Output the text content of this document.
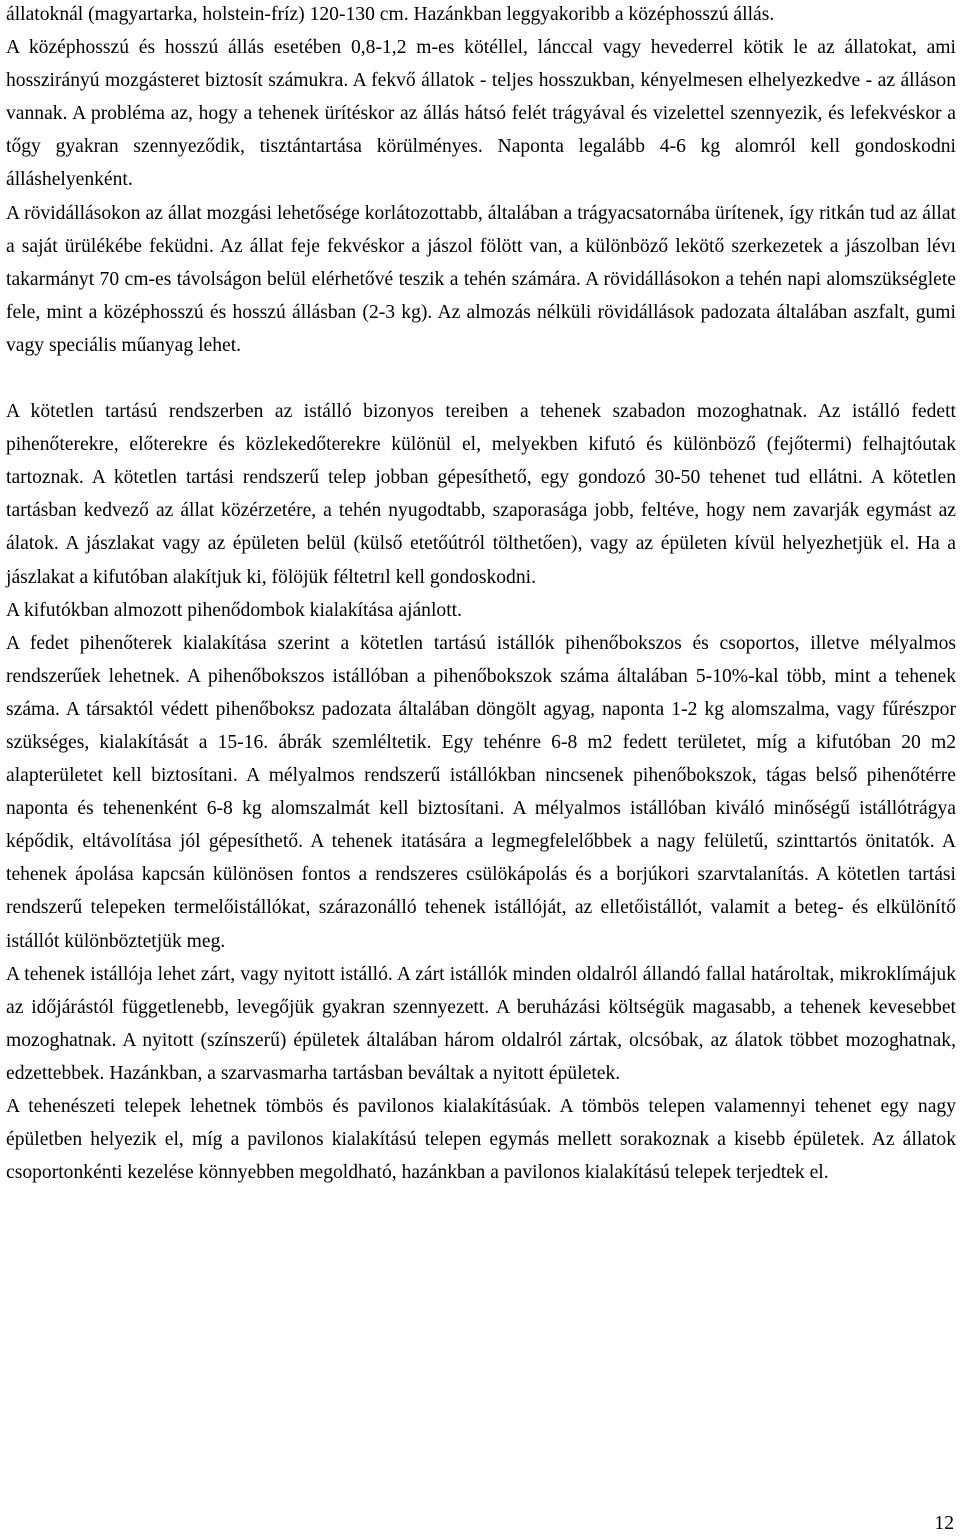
állatoknál (magyartarka, holstein-fríz) 120-130 cm. Hazánkban leggyakoribb a középhosszú állás.

A középhosszú és hosszú állás esetében 0,8-1,2 m-es kötéllel, lánccal vagy hevederrel kötik le az állatokat, ami hosszirányú mozgásteret biztosít számukra. A fekvő állatok - teljes hosszukban, kényelmesen elhelyezkedve - az álláson vannak. A probléma az, hogy a tehenek ürítéskor az állás hátsó felét trágyával és vizelettel szennyezik, és lefekvéskor a tőgy gyakran szennyeződik, tisztántartása körülményes. Naponta legalább 4-6 kg alomról kell gondoskodni álláshelyenként.

A rövidállásokon az állat mozgási lehetősége korlátozottabb, általában a trágyacsatornába ürítenek, így ritkán tud az állat a saját ürülékébe feküdni. Az állat feje fekvéskor a jászol fölött van, a különböző lekötő szerkezetek a jászolban lévı takarmányt 70 cm-es távolságon belül elérhetővé teszik a tehén számára. A rövidállásokon a tehén napi alomszükséglete fele, mint a középhosszú és hosszú állásban (2-3 kg). Az almozás nélküli rövidállások padozata általában aszfalt, gumi vagy speciális műanyag lehet.

A kötetlen tartású rendszerben az istálló bizonyos tereiben a tehenek szabadon mozoghatnak. Az istálló fedett pihenőterekre, előterekre és közlekedőterekre különül el, melyekben kifutó és különböző (fejőtermi) felhajtóutak tartoznak. A kötetlen tartási rendszerű telep jobban gépesíthető, egy gondozó 30-50 tehenet tud ellátni. A kötetlen tartásban kedvező az állat közérzetére, a tehén nyugodtabb, szaporasága jobb, feltéve, hogy nem zavarják egymást az álatok. A jászlakat vagy az épületen belül (külső etetőútról tölthetően), vagy az épületen kívül helyezhetjük el. Ha a jászlakat a kifutóban alakítjuk ki, fölöjük féltetrıl kell gondoskodni.

A kifutókban almozott pihenődombok kialakítása ajánlott.

A fedet pihenőterek kialakítása szerint a kötetlen tartású istállók pihenőbokszos és csoportos, illetve mélyalmos rendszerűek lehetnek. A pihenőbokszos istállóban a pihenőbokszok száma általában 5-10%-kal több, mint a tehenek száma. A társaktól védett pihenőboksz padozata általában döngölt agyag, naponta 1-2 kg alomszalma, vagy fűrészpor szükséges, kialakítását a 15-16. ábrák szemléltetik. Egy tehénre 6-8 m2 fedett területet, míg a kifutóban 20 m2 alapterületet kell biztosítani. A mélyalmos rendszerű istállókban nincsenek pihenőbokszok, tágas belső pihenőtérre naponta és tehenenként 6-8 kg alomszalmát kell biztosítani. A mélyalmos istállóban kiváló minőségű istállótrágya képődik, eltávolítása jól gépesíthető. A tehenek itatására a legmegfelelőbbek a nagy felületű, szinttartós önitatók. A tehenek ápolása kapcsán különösen fontos a rendszeres csülökápolás és a borjúkori szarvtalanítás. A kötetlen tartási rendszerű telepeken termelőistállókat, szárazonálló tehenek istállóját, az elletőistállót, valamit a beteg- és elkülönítő istállót különböztetjük meg.

A tehenek istállója lehet zárt, vagy nyitott istálló. A zárt istállók minden oldalról állandó fallal határoltak, mikroklímájuk az időjárástól függetlenebb, levegőjük gyakran szennyezett. A beruházási költségük magasabb, a tehenek kevesebbet mozoghatnak. A nyitott (színszerű) épületek általában három oldalról zártak, olcsóbak, az álatok többet mozoghatnak, edzettebbek. Hazánkban, a szarvasmarha tartásban beváltak a nyitott épületek.

A tehenészeti telepek lehetnek tömbös és pavilonos kialakításúak. A tömbös telepen valamennyi tehenet egy nagy épületben helyezik el, míg a pavilonos kialakítású telepen egymás mellett sorakoznak a kisebb épületek. Az állatok csoportonkénti kezelése könnyebben megoldható, hazánkban a pavilonos kialakítású telepek terjedtek el.

12
